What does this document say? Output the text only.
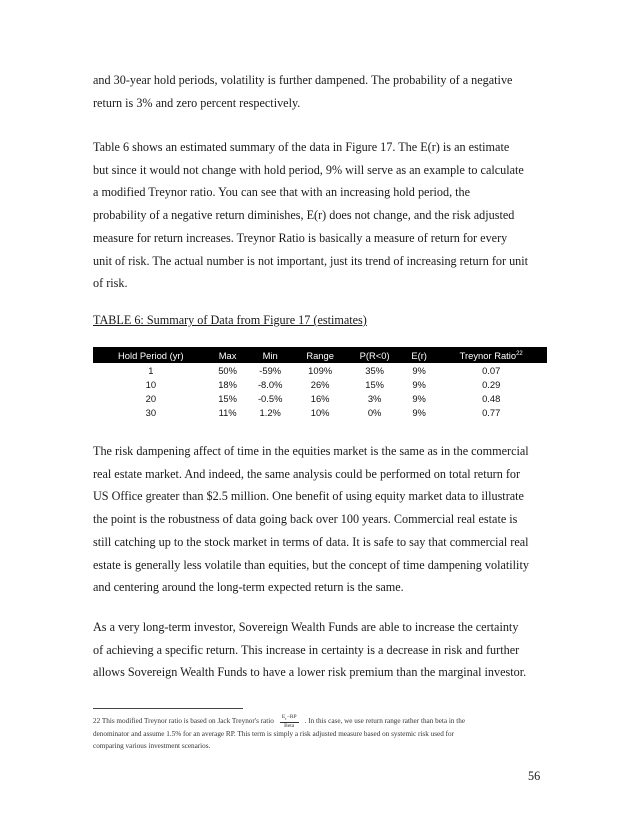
and 30-year hold periods, volatility is further dampened. The probability of a negative
return is 3% and zero percent respectively.

Table 6 shows an estimated summary of the data in Figure 17. The E(r) is an estimate
but since it would not change with hold period, 9% will serve as an example to calculate
a modified Treynor ratio. You can see that with an increasing hold period, the
probability of a negative return diminishes, E(r) does not change, and the risk adjusted
measure for return increases. Treynor Ratio is basically a measure of return for every
unit of risk. The actual number is not important, just its trend of increasing return for unit
of risk.

TABLE 6: Summary of Data from Figure 17 (estimates)
Hold Period (yr)	Max	Min	Range	P(R<0)	E(r)	Treynor Ratio$^{22}$
1	50%	-59%	109%	35%	9%	0.07
10	18%	-8.0%	26%	15%	9%	0.29
20	15%	-0.5%	16%	3%	9%	0.48
30	11%	1.2%	10%	0%	9%	0.77

The risk dampening affect of time in the equities market is the same as in the commercial
real estate market. And indeed, the same analysis could be performed on total return for
US Office greater than $2.5 million. One benefit of using equity market data to illustrate
the point is the robustness of data going back over 100 years. Commercial real estate is
still catching up to the stock market in terms of data. It is safe to say that commercial real
estate is generally less volatile than equities, but the concept of time dampening volatility
and centering around the long-term expected return is the same.

As a very long-term investor, Sovereign Wealth Funds are able to increase the certainty
of achieving a specific return. This increase in certainty is a decrease in risk and further
allows Sovereign Wealth Funds to have a lower risk premium than the marginal investor.

22 This modified Treynor ratio is based on Jack Treynor's ratio $\frac{E_r-RP}{\text{Beta}}$ . In this case, we use return range rather than beta in the
denominator and assume 1.5% for an average RP. This term is simply a risk adjusted measure based on systemic risk used for
comparing various investment scenarios.
56
